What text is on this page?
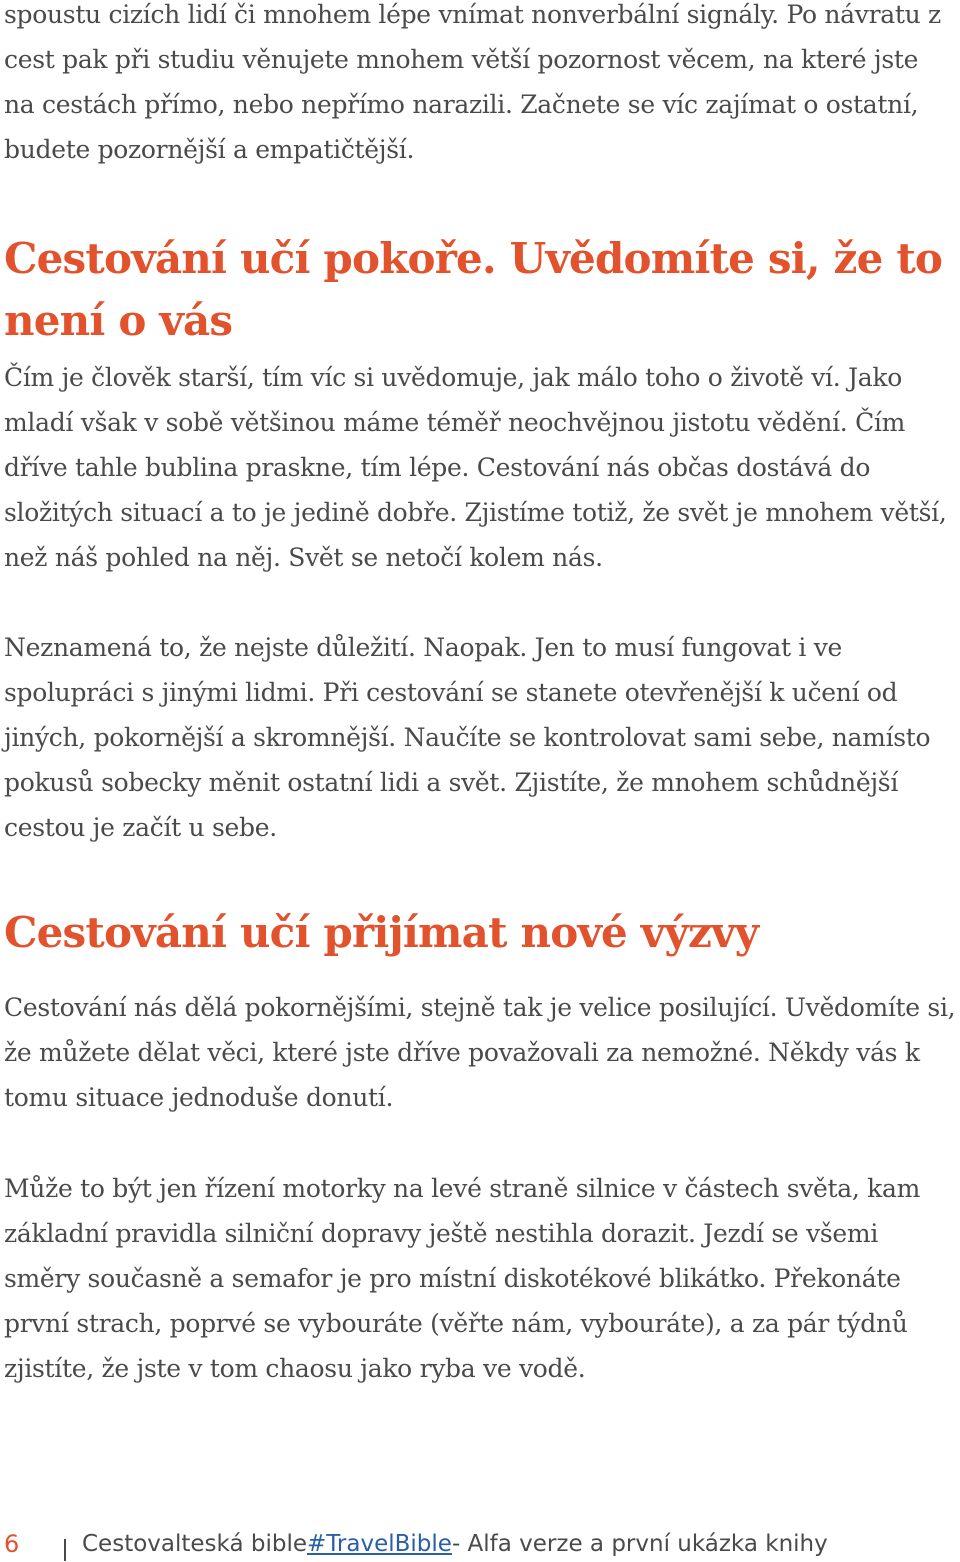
spoustu cizích lidí či mnohem lépe vnímat nonverbální signály. Po návratu z cest pak při studiu věnujete mnohem větší pozornost věcem, na které jste na cestách přímo, nebo nepřímo narazili. Začnete se víc zajímat o ostatní, budete pozornější a empatičtější.

Cestování učí pokoře. Uvědomíte si, že to není o vás

Čím je člověk starší, tím víc si uvědomuje, jak málo toho o životě ví. Jako mladí však v sobě většinou máme téměř neochvějnou jistotu vědění. Čím dříve tahle bublina praskne, tím lépe. Cestování nás občas dostává do složitých situací a to je jedině dobře. Zjistíme totiž, že svět je mnohem větší, než náš pohled na něj. Svět se netočí kolem nás.

Neznamená to, že nejste důležití. Naopak. Jen to musí fungovat i ve spolupráci s jinými lidmi. Při cestování se stanete otevřenější k učení od jiných, pokornější a skromnější. Naučíte se kontrolovat sami sebe, namísto pokusů sobecky měnit ostatní lidi a svět. Zjistíte, že mnohem schůdnější cestou je začít u sebe.

Cestování učí přijímat nové výzvy

Cestování nás dělá pokornějšími, stejně tak je velice posilující. Uvědomíte si, že můžete dělat věci, které jste dříve považovali za nemožné. Někdy vás k tomu situace jednoduše donutí.

Může to být jen řízení motorky na levé straně silnice v částech světa, kam základní pravidla silniční dopravy ještě nestihla dorazit. Jezdí se všemi směry současně a semafor je pro místní diskotékové blikátko. Překonáte první strach, poprvé se vybouráte (věřte nám, vybouráte), a za pár týdnů zjistíte, že jste v tom chaosu jako ryba ve vodě.

6	Cestovalteská bible #TravelBible - Alfa verze a první ukázka knihy
